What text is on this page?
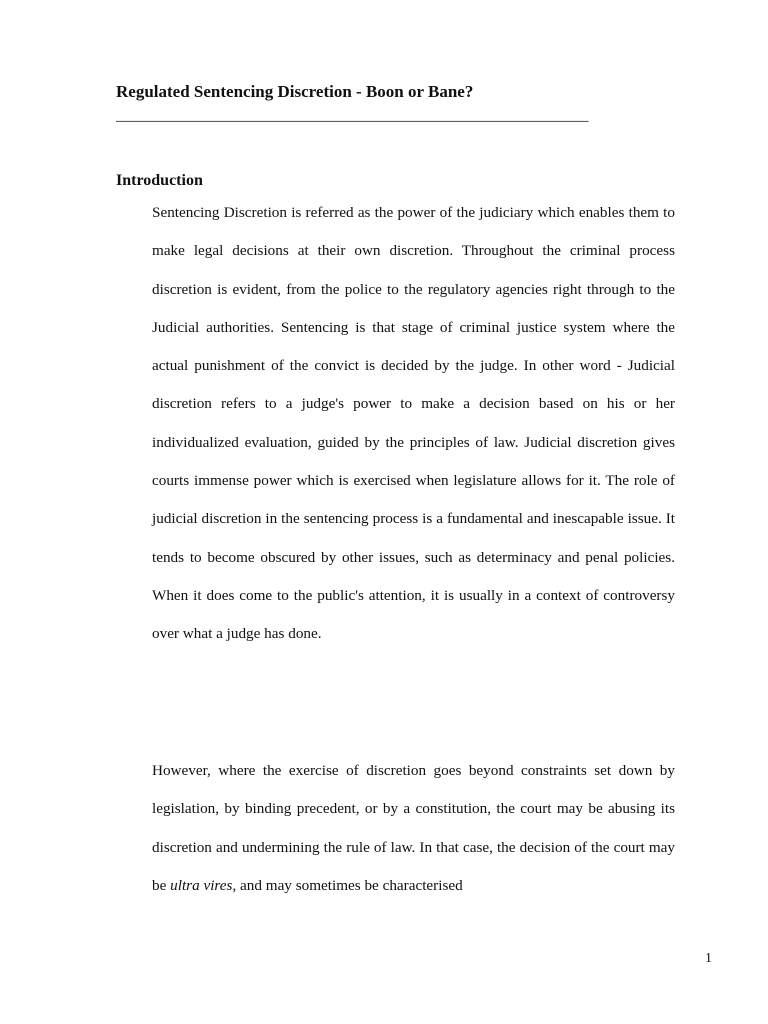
Regulated Sentencing Discretion - Boon or Bane?
_______________________________________________________________
Introduction

Sentencing Discretion is referred as the power of the judiciary which enables them to make legal decisions at their own discretion. Throughout the criminal process discretion is evident, from the police to the regulatory agencies right through to the Judicial authorities. Sentencing is that stage of criminal justice system where the actual punishment of the convict is decided by the judge. In other word - Judicial discretion refers to a judge's power to make a decision based on his or her individualized evaluation, guided by the principles of law. Judicial discretion gives courts immense power which is exercised when legislature allows for it. The role of judicial discretion in the sentencing process is a fundamental and inescapable issue. It tends to become obscured by other issues, such as determinacy and penal policies. When it does come to the public's attention, it is usually in a context of controversy over what a judge has done.

However, where the exercise of discretion goes beyond constraints set down by legislation, by binding precedent, or by a constitution, the court may be abusing its discretion and undermining the rule of law. In that case, the decision of the court may be ultra vires, and may sometimes be characterised

1
